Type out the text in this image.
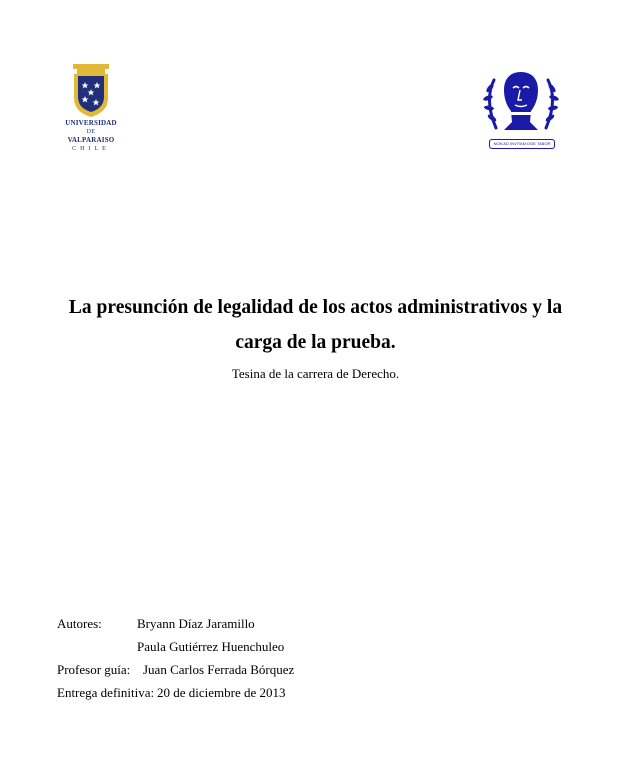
UNIVERSIDAD
DE
VALPARAISO
CHILE
NON AD INVITAM DOE TABOR
La presunción de legalidad de los actos administrativos y la
carga de la prueba.

Tesina de la carrera de Derecho.

Autores:	Bryann Díaz Jaramillo
Paula Gutiérrez Huenchuleo
Profesor guía: Juan Carlos Ferrada Bórquez
Entrega definitiva: 20 de diciembre de 2013
